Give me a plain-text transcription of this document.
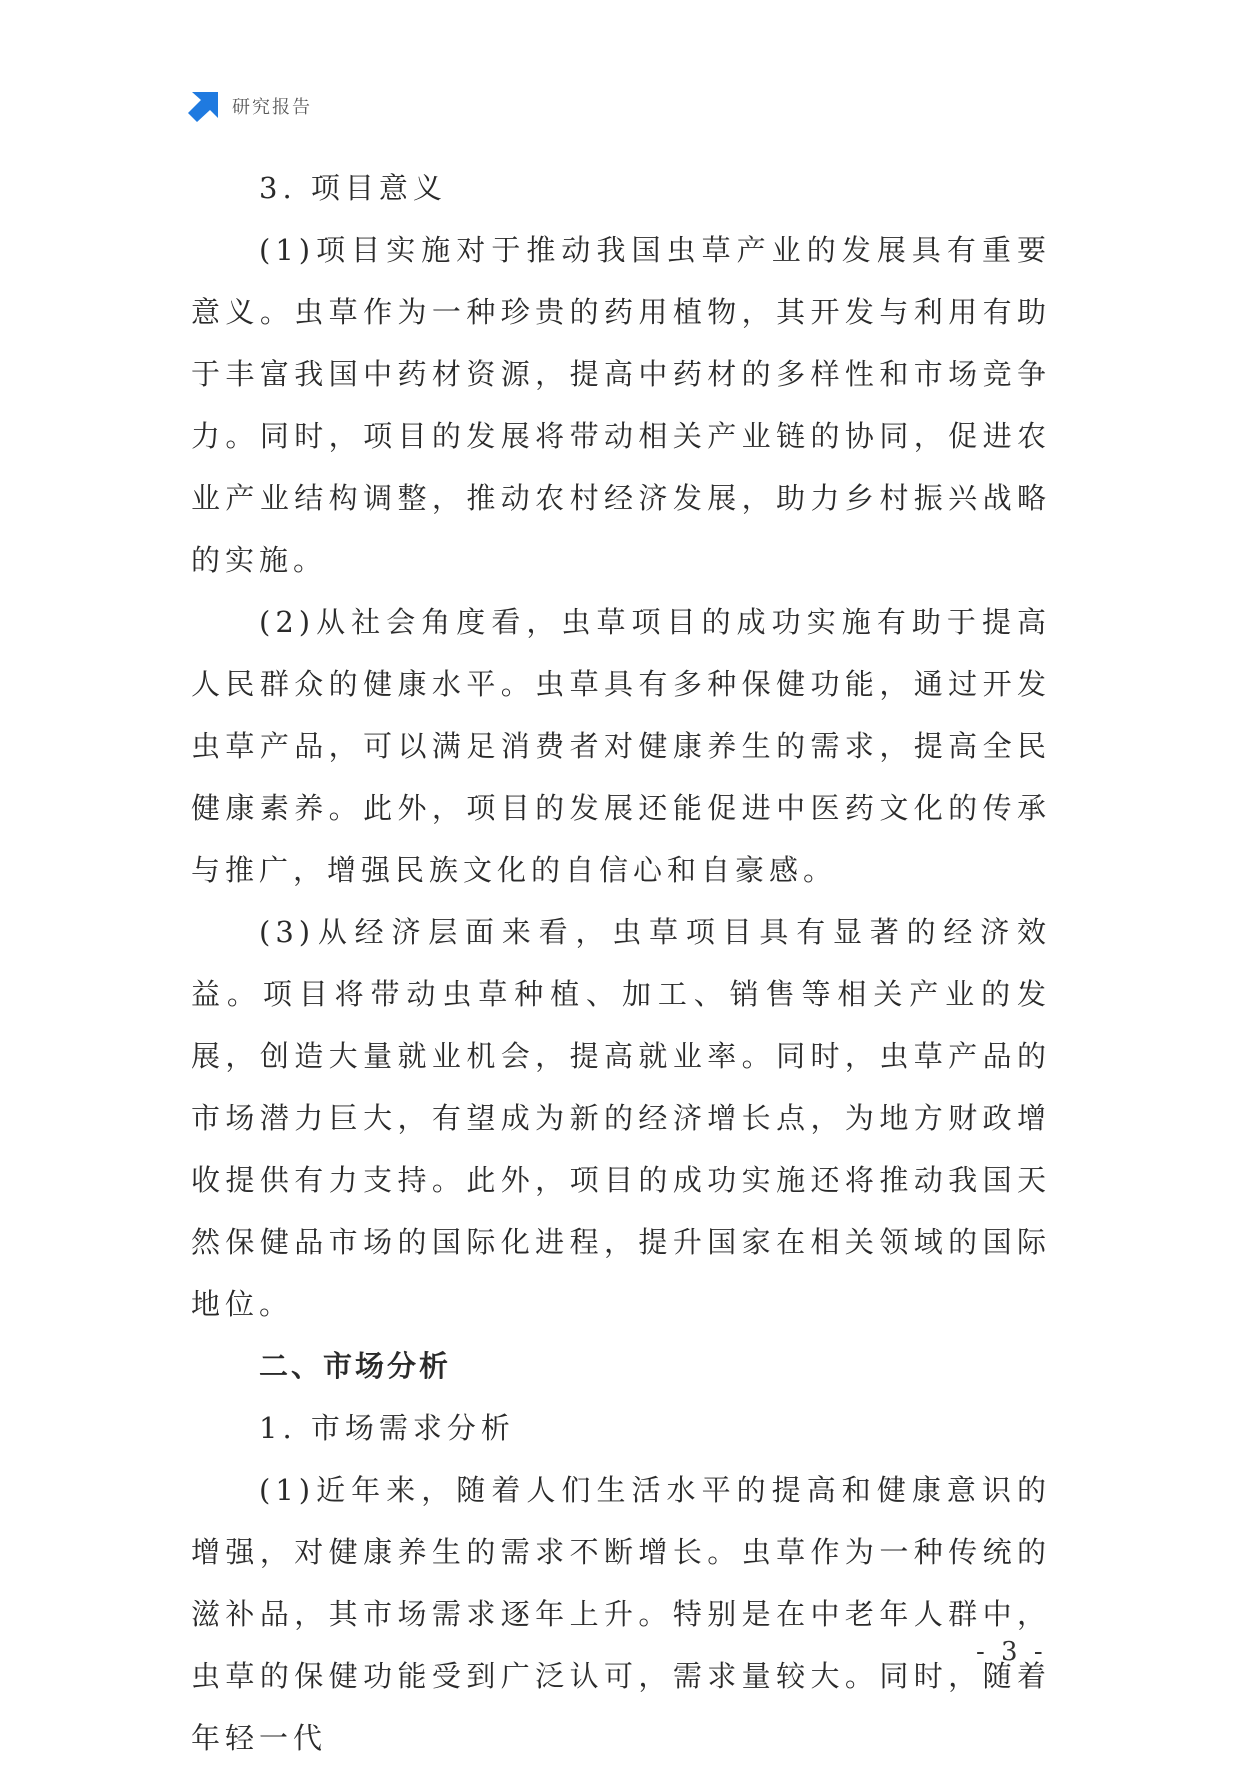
研究报告

3. 项目意义

(1)项目实施对于推动我国虫草产业的发展具有重要意义。虫草作为一种珍贵的药用植物，其开发与利用有助于丰富我国中药材资源，提高中药材的多样性和市场竞争力。同时，项目的发展将带动相关产业链的协同，促进农业产业结构调整，推动农村经济发展，助力乡村振兴战略的实施。

(2)从社会角度看，虫草项目的成功实施有助于提高人民群众的健康水平。虫草具有多种保健功能，通过开发虫草产品，可以满足消费者对健康养生的需求，提高全民健康素养。此外，项目的发展还能促进中医药文化的传承与推广，增强民族文化的自信心和自豪感。

(3)从经济层面来看，虫草项目具有显著的经济效益。项目将带动虫草种植、加工、销售等相关产业的发展，创造大量就业机会，提高就业率。同时，虫草产品的市场潜力巨大，有望成为新的经济增长点，为地方财政增收提供有力支持。此外，项目的成功实施还将推动我国天然保健品市场的国际化进程，提升国家在相关领域的国际地位。

二、市场分析

1. 市场需求分析

(1)近年来，随着人们生活水平的提高和健康意识的增强，对健康养生的需求不断增长。虫草作为一种传统的滋补品，其市场需求逐年上升。特别是在中老年人群中，虫草的保健功能受到广泛认可，需求量较大。同时，随着年轻一代

- 3 -
